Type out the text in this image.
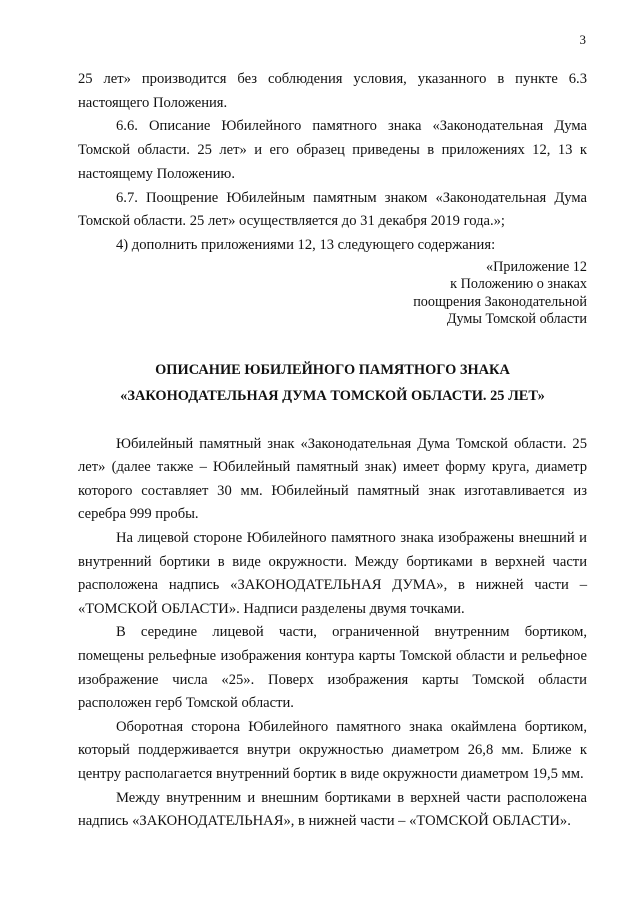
3

25 лет» производится без соблюдения условия, указанного в пункте 6.3 настоящего Положения.

6.6. Описание Юбилейного памятного знака «Законодательная Дума Томской области. 25 лет» и его образец приведены в приложениях 12, 13 к настоящему Положению.

6.7. Поощрение Юбилейным памятным знаком «Законодательная Дума Томской области. 25 лет» осуществляется до 31 декабря 2019 года.»;

4) дополнить приложениями 12, 13 следующего содержания:

«Приложение 12
к Положению о знаках
поощрения Законодательной
Думы Томской области
ОПИСАНИЕ ЮБИЛЕЙНОГО ПАМЯТНОГО ЗНАКА
«ЗАКОНОДАТЕЛЬНАЯ ДУМА ТОМСКОЙ ОБЛАСТИ. 25 ЛЕТ»

Юбилейный памятный знак «Законодательная Дума Томской области. 25 лет» (далее также – Юбилейный памятный знак) имеет форму круга, диаметр которого составляет 30 мм. Юбилейный памятный знак изготавливается из серебра 999 пробы.

На лицевой стороне Юбилейного памятного знака изображены внешний и внутренний бортики в виде окружности. Между бортиками в верхней части расположена надпись «ЗАКОНОДАТЕЛЬНАЯ ДУМА», в нижней части – «ТОМСКОЙ ОБЛАСТИ». Надписи разделены двумя точками.

В середине лицевой части, ограниченной внутренним бортиком, помещены рельефные изображения контура карты Томской области и рельефное изображение числа «25». Поверх изображения карты Томской области расположен герб Томской области.

Оборотная сторона Юбилейного памятного знака окаймлена бортиком, который поддерживается внутри окружностью диаметром 26,8 мм. Ближе к центру располагается внутренний бортик в виде окружности диаметром 19,5 мм.

Между внутренним и внешним бортиками в верхней части расположена надпись «ЗАКОНОДАТЕЛЬНАЯ», в нижней части – «ТОМСКОЙ ОБЛАСТИ».
